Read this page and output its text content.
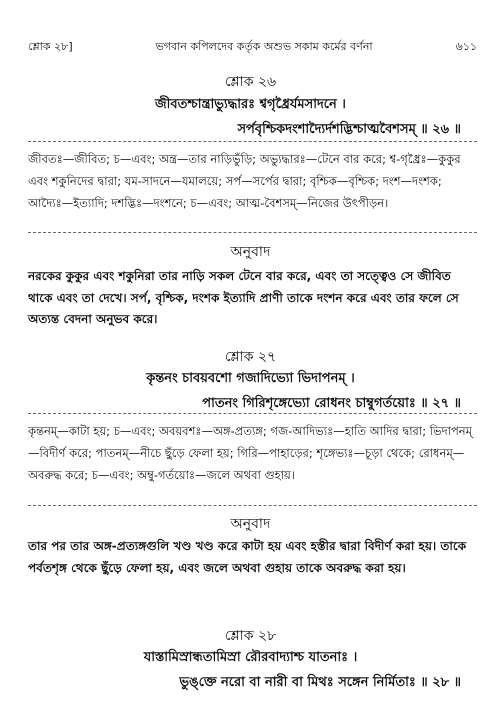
শ্লোক ২৮]	ভগবান কপিলদেব কর্তৃক অশুভ সকাম কর্মের বর্ণনা	৬১১
শ্লোক ২৬
জীবতশ্চান্ত্রাভ্যুদ্ধারঃ শ্বগৃধ্রৈর্যমসাদনে ।
সর্পবৃশ্চিকদংশাদ্যৈর্দশদ্ভিশ্চাত্মবৈশসম্ ॥ ২৬ ॥
জীবতঃ—জীবিত; চ—এবং; অন্ত্র—তার নাড়িভুঁড়ি; অভ্যুদ্ধারঃ—টেনে বার করে; শ্ব-গৃধ্রৈঃ—কুকুর এবং শকুনিদের দ্বারা; যম-সাদনে—যমালয়ে; সর্প—সর্পের দ্বারা; বৃশ্চিক—বৃশ্চিক; দংশ—দংশক; আদ্যৈঃ—ইত্যাদি; দশদ্ভিঃ—দংশনে; চ—এবং; আত্ম-বৈশসম্—নিজের উৎপীড়ন।
অনুবাদ
নরকের কুকুর এবং শকুনিরা তার নাড়ি সকল টেনে বার করে, এবং তা সত্ত্বেও সে জীবিত থাকে এবং তা দেখে। সর্প, বৃশ্চিক, দংশক ইত্যাদি প্রাণী তাকে দংশন করে এবং তার ফলে সে অত্যন্ত বেদনা অনুভব করে।
শ্লোক ২৭
কৃন্তনং চাবয়বশো গজাদিভ্যো ভিদাপনম্ ।
পাতনং গিরিশৃঙ্গেভ্যো রোধনং চাম্বুগর্তয়োঃ ॥ ২৭ ॥
কৃন্তনম্—কাটা হয়; চ—এবং; অবয়বশঃ—অঙ্গ-প্রত্যঙ্গ; গজ-আদিভ্যঃ—হাতি আদির দ্বারা; ভিদাপনম্—বিদীর্ণ করে; পাতনম্—নীচে ছুঁড়ে ফেলা হয়; গিরি—পাহাড়ের; শৃঙ্গেভ্যঃ—চূড়া থেকে; রোধনম্—অবরুদ্ধ করে; চ—এবং; অম্বু-গর্তয়োঃ—জলে অথবা গুহায়।
অনুবাদ
তার পর তার অঙ্গ-প্রত্যঙ্গগুলি খণ্ড খণ্ড করে কাটা হয় এবং হস্তীর দ্বারা বিদীর্ণ করা হয়। তাকে পর্বতশৃঙ্গ থেকে ছুঁড়ে ফেলা হয়, এবং জলে অথবা গুহায় তাকে অবরুদ্ধ করা হয়।
শ্লোক ২৮
যাস্তামিস্রান্ধতামিস্রা রৌরবাদ্যাশ্চ যাতনাঃ ।
ভুঙ্‌ক্তে নরো বা নারী বা মিথঃ সঙ্গেন নির্মিতাঃ ॥ ২৮ ॥
